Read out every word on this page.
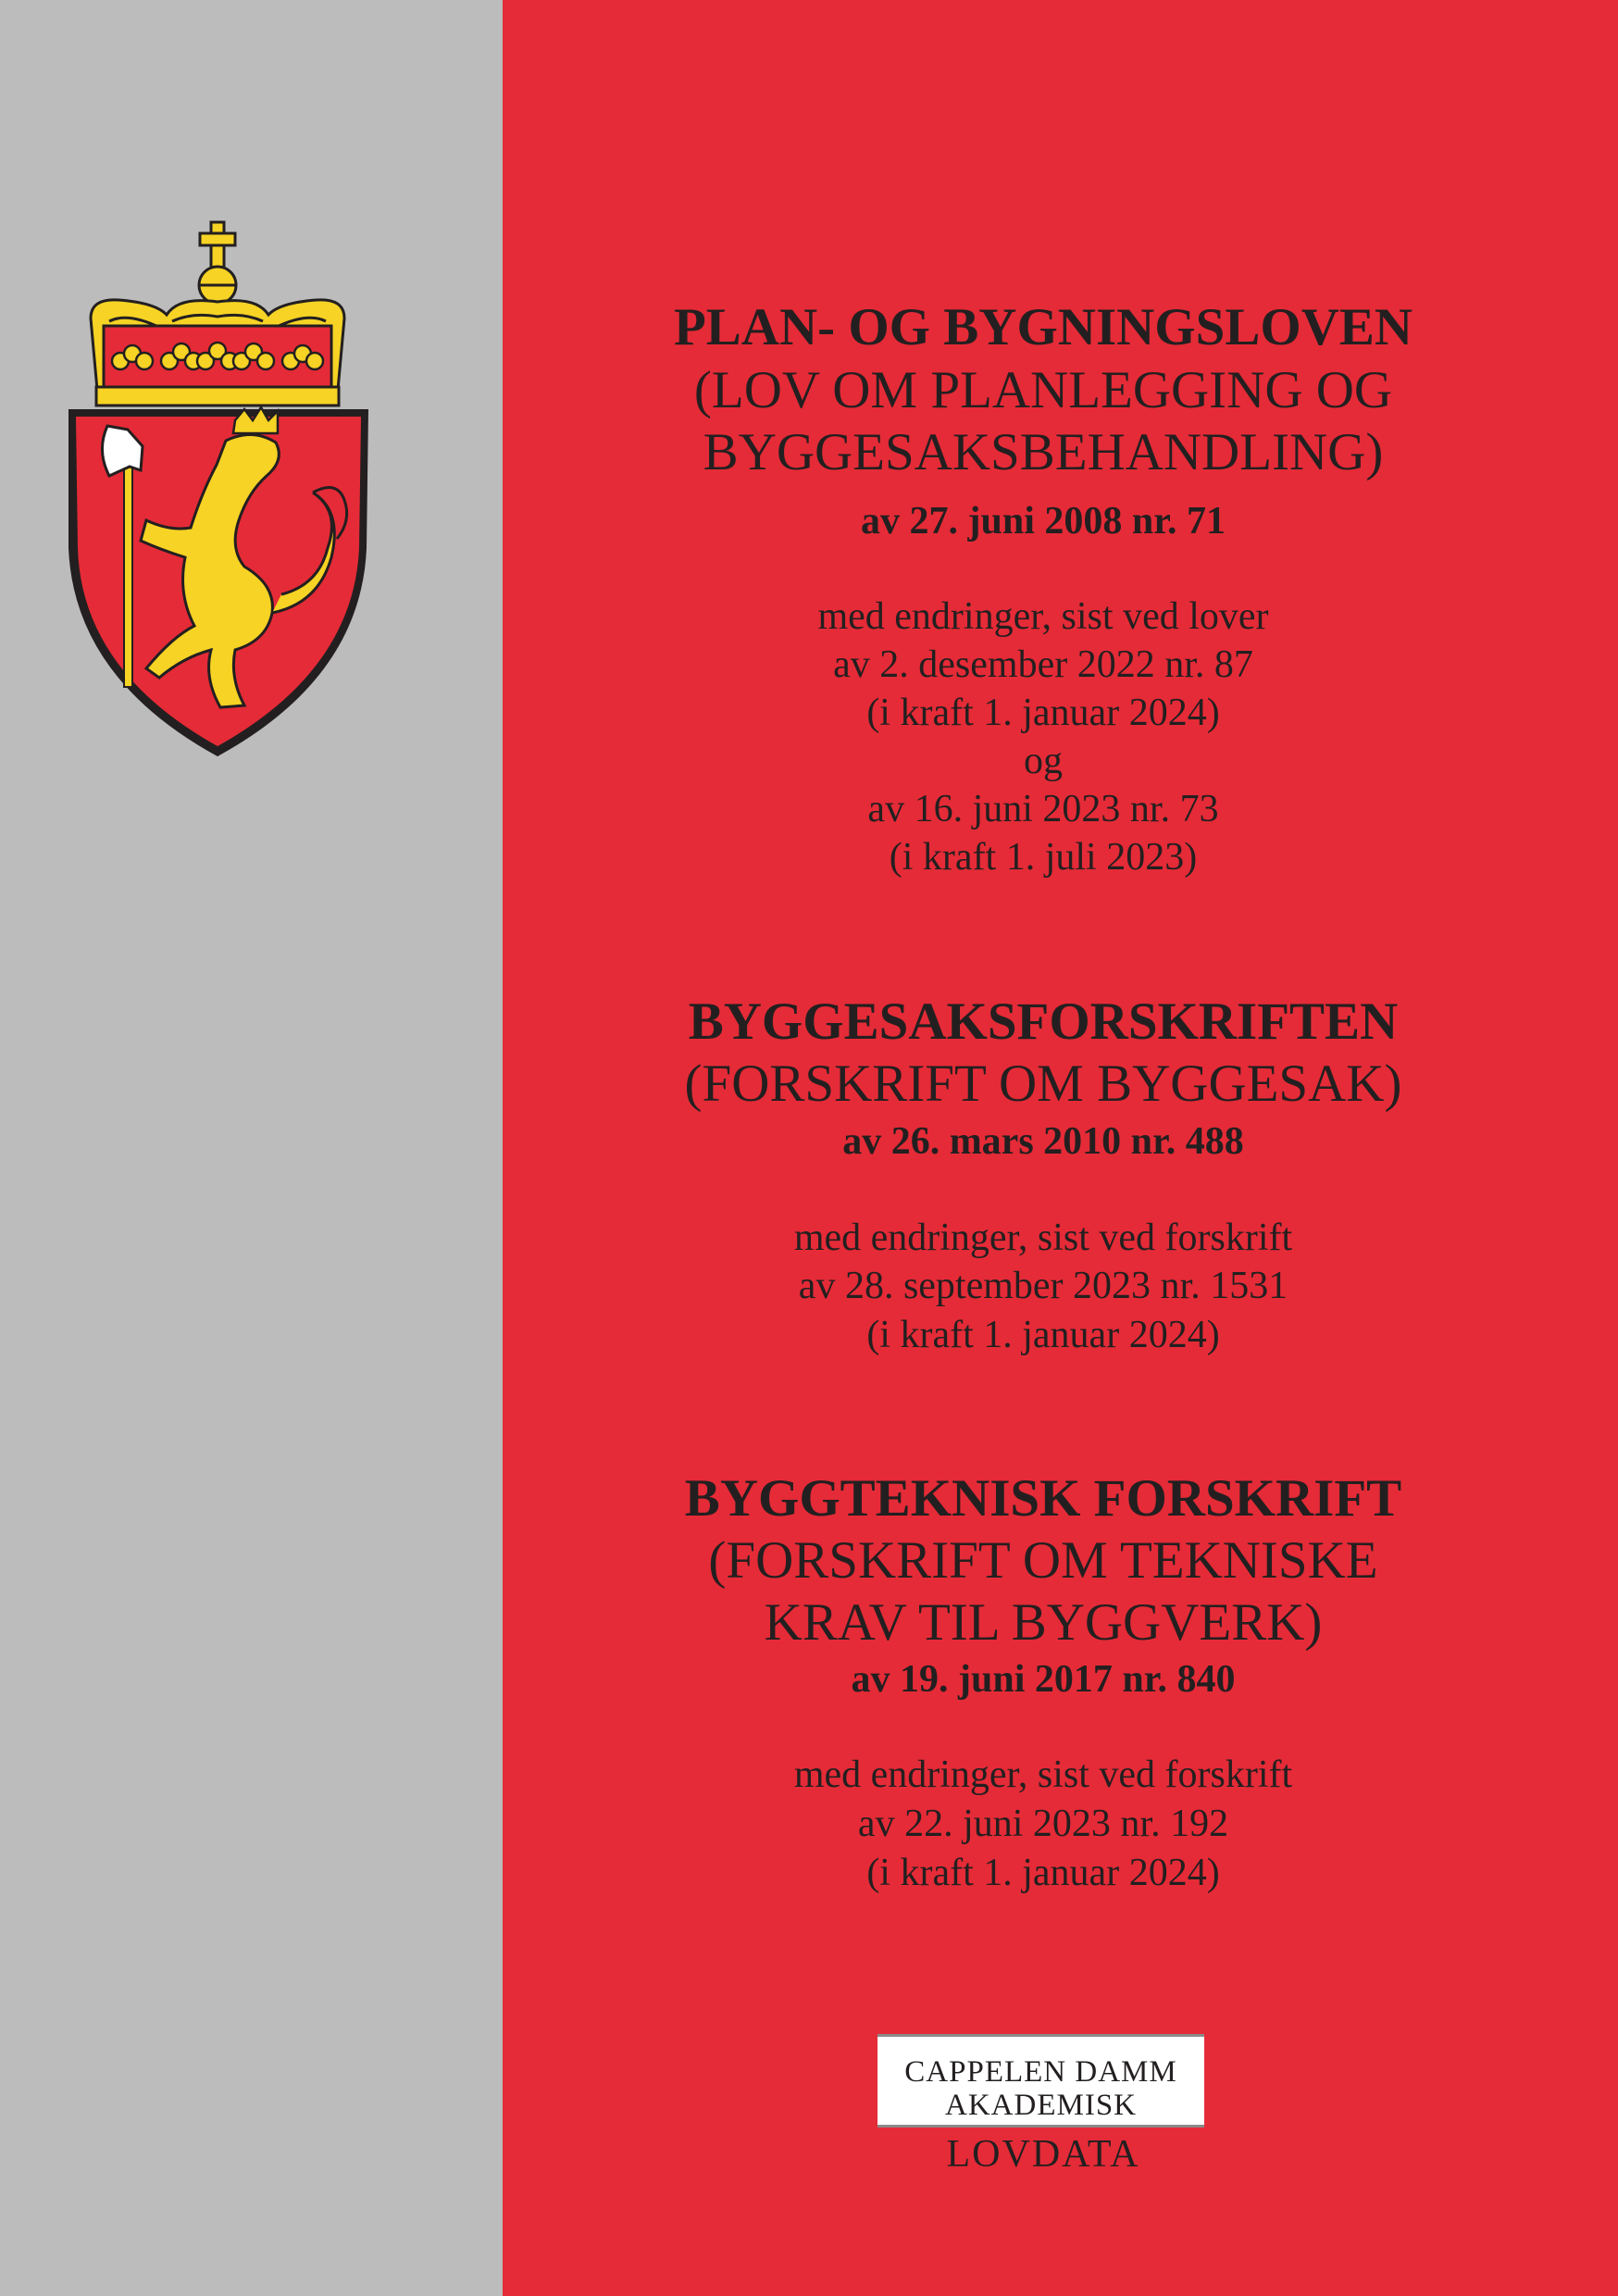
PLAN- OG BYGNINGSLOVEN
(LOV OM PLANLEGGING OG
BYGGESAKSBEHANDLING)
av 27. juni 2008 nr. 71
med endringer, sist ved lover
av 2. desember 2022 nr. 87
(i kraft 1. januar 2024)
og
av 16. juni 2023 nr. 73
(i kraft 1. juli 2023)
BYGGESAKSFORSKRIFTEN
(FORSKRIFT OM BYGGESAK)
av 26. mars 2010 nr. 488
med endringer, sist ved forskrift
av 28. september 2023 nr. 1531
(i kraft 1. januar 2024)
BYGGTEKNISK FORSKRIFT
(FORSKRIFT OM TEKNISKE
KRAV TIL BYGGVERK)
av 19. juni 2017 nr. 840
med endringer, sist ved forskrift
av 22. juni 2023 nr. 192
(i kraft 1. januar 2024)
CAPPELEN DAMM
AKADEMISK
LOVDATA
